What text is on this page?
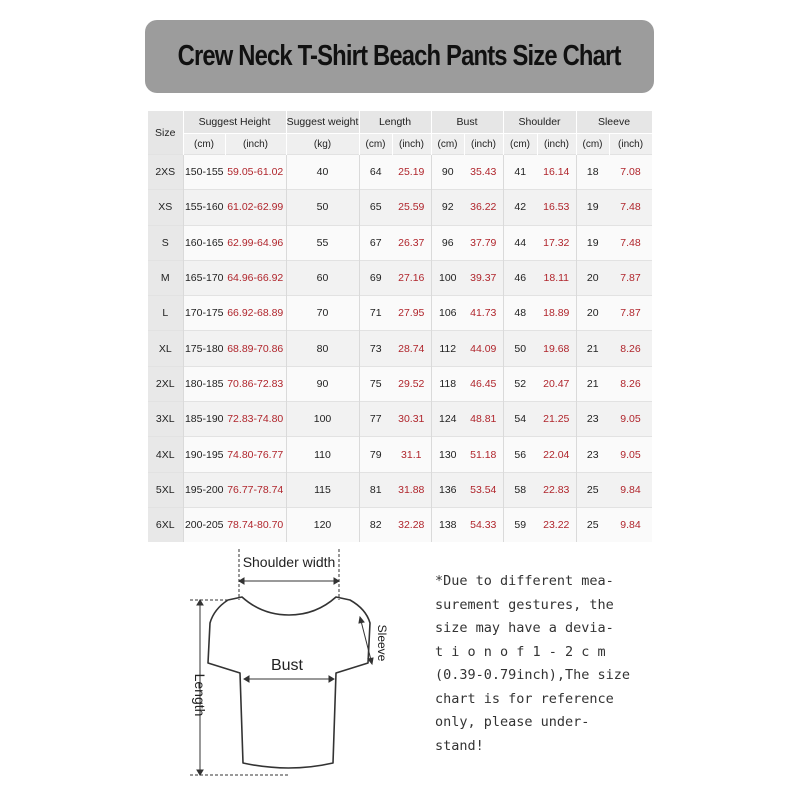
Crew Neck T-Shirt Beach Pants Size Chart
Size	Suggest Height		Suggest weight	Length		Bust		Shoulder		Sleeve	
	(cm)	(inch)	(kg)	(cm)	(inch)	(cm)	(inch)	(cm)	(inch)	(cm)	(inch)
2XS	150-155	59.05-61.02	40	64	25.19	90	35.43	41	16.14	18	7.08
XS	155-160	61.02-62.99	50	65	25.59	92	36.22	42	16.53	19	7.48
S	160-165	62.99-64.96	55	67	26.37	96	37.79	44	17.32	19	7.48
M	165-170	64.96-66.92	60	69	27.16	100	39.37	46	18.11	20	7.87
L	170-175	66.92-68.89	70	71	27.95	106	41.73	48	18.89	20	7.87
XL	175-180	68.89-70.86	80	73	28.74	112	44.09	50	19.68	21	8.26
2XL	180-185	70.86-72.83	90	75	29.52	118	46.45	52	20.47	21	8.26
3XL	185-190	72.83-74.80	100	77	30.31	124	48.81	54	21.25	23	9.05
4XL	190-195	74.80-76.77	110	79	31.1	130	51.18	56	22.04	23	9.05
5XL	195-200	76.77-78.74	115	81	31.88	136	53.54	58	22.83	25	9.84
6XL	200-205	78.74-80.70	120	82	32.28	138	54.33	59	23.22	25	9.84
Shoulder width
Bust
Length
Sleeve
*Due to different mea-
surement gestures, the
size may have a devia-
t i o n o f 1 - 2 c m
(0.39-0.79inch),The size
chart is for reference
only, please under-
stand!
